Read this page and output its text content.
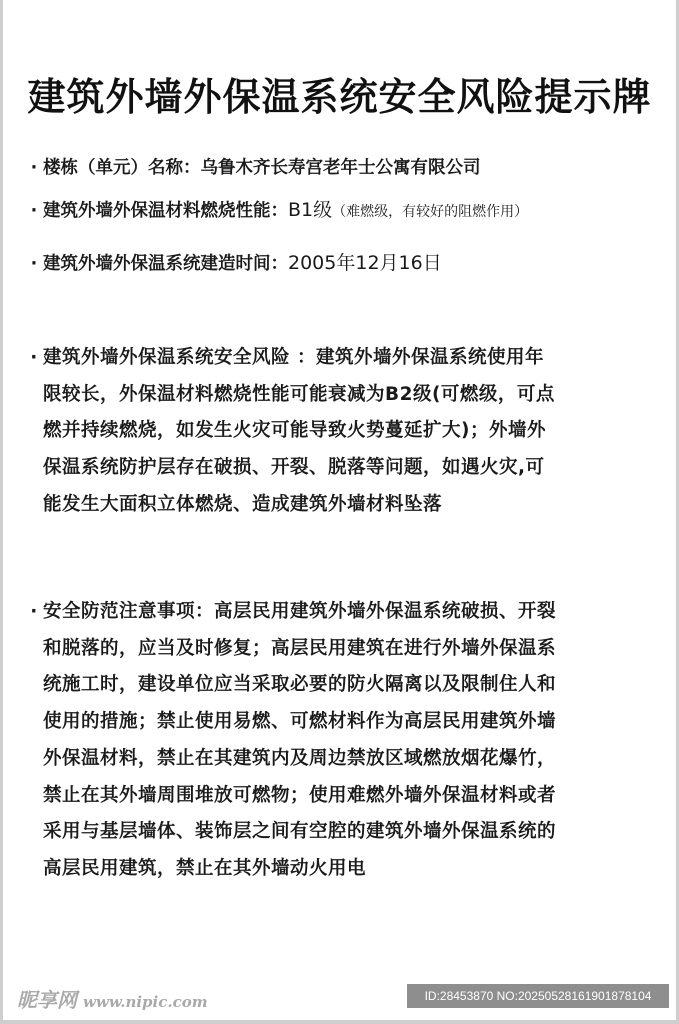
建筑外墙外保温系统安全风险提示牌
· 楼栋（单元）名称：乌鲁木齐长寿宫老年士公寓有限公司
· 建筑外墙外保温材料燃烧性能：B1级（难燃级，有较好的阻燃作用）
· 建筑外墙外保温系统建造时间：2005年12月16日
· 建筑外墙外保温系统安全风险 ：建筑外墙外保温系统使用年
限较长，外保温材料燃烧性能可能衰减为B2级(可燃级，可点
燃并持续燃烧，如发生火灾可能导致火势蔓延扩大)；外墙外
保温系统防护层存在破损、开裂、脱落等问题，如遇火灾,可
能发生大面积立体燃烧、造成建筑外墙材料坠落
· 安全防范注意事项：高层民用建筑外墙外保温系统破损、开裂
和脱落的，应当及时修复；高层民用建筑在进行外墙外保温系
统施工时，建设单位应当采取必要的防火隔离以及限制住人和
使用的措施；禁止使用易燃、可燃材料作为高层民用建筑外墙
外保温材料，禁止在其建筑内及周边禁放区域燃放烟花爆竹，
禁止在其外墙周围堆放可燃物；使用难燃外墙外保温材料或者
采用与基层墙体、装饰层之间有空腔的建筑外墙外保温系统的
高层民用建筑，禁止在其外墙动火用电
昵享网 www.nipic.com	ID:28453870 NO:20250528161901878104
